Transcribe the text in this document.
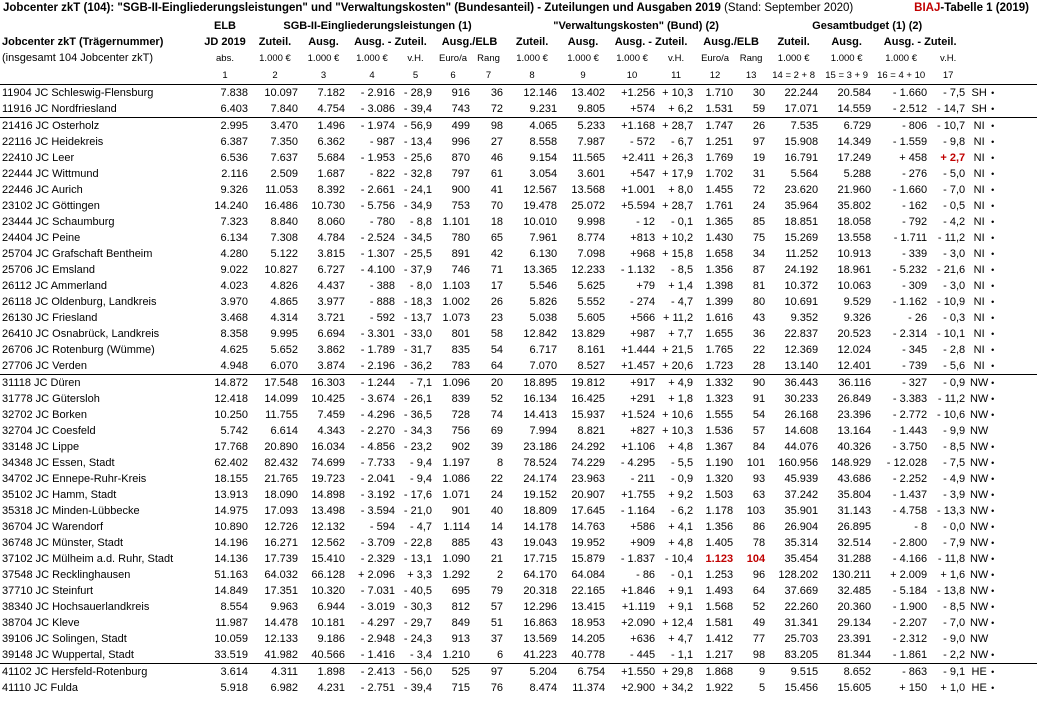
Jobcenter zkT (104): "SGB-II-Eingliederungsleistungen" und "Verwaltungskosten" (Bundesanteil) - Zuteilungen und Ausgaben 2019 (Stand: September 2020)	BIAJ-Tabelle 1 (2019)
	ELB	SGB-II-Eingliederungsleistungen (1)						"Verwaltungskosten" (Bund) (2)						Gesamtbudget (1) (2)					
Jobcenter zkT (Trägernummer)	JD 2019	Zuteil.	Ausg.	Ausg. - Zuteil.		Ausg./ELB		Zuteil.	Ausg.	Ausg. - Zuteil.		Ausg./ELB		Zuteil.	Ausg.	Ausg. - Zuteil.			
(insgesamt 104 Jobcenter zkT)	abs.	1.000 €	1.000 €	1.000 €	v.H.	Euro/a	Rang	1.000 €	1.000 €	1.000 €	v.H.	Euro/a	Rang	1.000 €	1.000 €	1.000 €	v.H.		
	1	2	3	4	5	6	7	8	9	10	11	12	13	14 = 2 + 8	15 = 3 + 9	16 = 4 + 10	17		
11904 JC Schleswig-Flensburg	7.838	10.097	7.182	- 2.916	- 28,9	916	36	12.146	13.402	+1.256	+ 10,3	1.710	30	22.244	20.584	- 1.660	- 7,5	SH	•
11916 JC Nordfriesland	6.403	7.840	4.754	- 3.086	- 39,4	743	72	9.231	9.805	+574	+ 6,2	1.531	59	17.071	14.559	- 2.512	- 14,7	SH	•
21416 JC Osterholz	2.995	3.470	1.496	- 1.974	- 56,9	499	98	4.065	5.233	+1.168	+ 28,7	1.747	26	7.535	6.729	- 806	- 10,7	NI	•
22116 JC Heidekreis	6.387	7.350	6.362	- 987	- 13,4	996	27	8.558	7.987	- 572	- 6,7	1.251	97	15.908	14.349	- 1.559	- 9,8	NI	•
22410 JC Leer	6.536	7.637	5.684	- 1.953	- 25,6	870	46	9.154	11.565	+2.411	+ 26,3	1.769	19	16.791	17.249	+ 458	+ 2,7	NI	•
22444 JC Wittmund	2.116	2.509	1.687	- 822	- 32,8	797	61	3.054	3.601	+547	+ 17,9	1.702	31	5.564	5.288	- 276	- 5,0	NI	•
22446 JC Aurich	9.326	11.053	8.392	- 2.661	- 24,1	900	41	12.567	13.568	+1.001	+ 8,0	1.455	72	23.620	21.960	- 1.660	- 7,0	NI	•
23102 JC Göttingen	14.240	16.486	10.730	- 5.756	- 34,9	753	70	19.478	25.072	+5.594	+ 28,7	1.761	24	35.964	35.802	- 162	- 0,5	NI	•
23444 JC Schaumburg	7.323	8.840	8.060	- 780	- 8,8	1.101	18	10.010	9.998	- 12	- 0,1	1.365	85	18.851	18.058	- 792	- 4,2	NI	•
24404 JC Peine	6.134	7.308	4.784	- 2.524	- 34,5	780	65	7.961	8.774	+813	+ 10,2	1.430	75	15.269	13.558	- 1.711	- 11,2	NI	•
25704 JC Grafschaft Bentheim	4.280	5.122	3.815	- 1.307	- 25,5	891	42	6.130	7.098	+968	+ 15,8	1.658	34	11.252	10.913	- 339	- 3,0	NI	•
25706 JC Emsland	9.022	10.827	6.727	- 4.100	- 37,9	746	71	13.365	12.233	- 1.132	- 8,5	1.356	87	24.192	18.961	- 5.232	- 21,6	NI	•
26112 JC Ammerland	4.023	4.826	4.437	- 388	- 8,0	1.103	17	5.546	5.625	+79	+ 1,4	1.398	81	10.372	10.063	- 309	- 3,0	NI	•
26118 JC Oldenburg, Landkreis	3.970	4.865	3.977	- 888	- 18,3	1.002	26	5.826	5.552	- 274	- 4,7	1.399	80	10.691	9.529	- 1.162	- 10,9	NI	•
26130 JC Friesland	3.468	4.314	3.721	- 592	- 13,7	1.073	23	5.038	5.605	+566	+ 11,2	1.616	43	9.352	9.326	- 26	- 0,3	NI	•
26410 JC Osnabrück, Landkreis	8.358	9.995	6.694	- 3.301	- 33,0	801	58	12.842	13.829	+987	+ 7,7	1.655	36	22.837	20.523	- 2.314	- 10,1	NI	•
26706 JC Rotenburg (Wümme)	4.625	5.652	3.862	- 1.789	- 31,7	835	54	6.717	8.161	+1.444	+ 21,5	1.765	22	12.369	12.024	- 345	- 2,8	NI	•
27706 JC Verden	4.948	6.070	3.874	- 2.196	- 36,2	783	64	7.070	8.527	+1.457	+ 20,6	1.723	28	13.140	12.401	- 739	- 5,6	NI	•
31118 JC Düren	14.872	17.548	16.303	- 1.244	- 7,1	1.096	20	18.895	19.812	+917	+ 4,9	1.332	90	36.443	36.116	- 327	- 0,9	NW	•
31778 JC Gütersloh	12.418	14.099	10.425	- 3.674	- 26,1	839	52	16.134	16.425	+291	+ 1,8	1.323	91	30.233	26.849	- 3.383	- 11,2	NW	•
32702 JC Borken	10.250	11.755	7.459	- 4.296	- 36,5	728	74	14.413	15.937	+1.524	+ 10,6	1.555	54	26.168	23.396	- 2.772	- 10,6	NW	•
32704 JC Coesfeld	5.742	6.614	4.343	- 2.270	- 34,3	756	69	7.994	8.821	+827	+ 10,3	1.536	57	14.608	13.164	- 1.443	- 9,9	NW	
33148 JC Lippe	17.768	20.890	16.034	- 4.856	- 23,2	902	39	23.186	24.292	+1.106	+ 4,8	1.367	84	44.076	40.326	- 3.750	- 8,5	NW	•
34348 JC Essen, Stadt	62.402	82.432	74.699	- 7.733	- 9,4	1.197	8	78.524	74.229	- 4.295	- 5,5	1.190	101	160.956	148.929	- 12.028	- 7,5	NW	•
34702 JC Ennepe-Ruhr-Kreis	18.155	21.765	19.723	- 2.041	- 9,4	1.086	22	24.174	23.963	- 211	- 0,9	1.320	93	45.939	43.686	- 2.252	- 4,9	NW	•
35102 JC Hamm, Stadt	13.913	18.090	14.898	- 3.192	- 17,6	1.071	24	19.152	20.907	+1.755	+ 9,2	1.503	63	37.242	35.804	- 1.437	- 3,9	NW	•
35318 JC Minden-Lübbecke	14.975	17.093	13.498	- 3.594	- 21,0	901	40	18.809	17.645	- 1.164	- 6,2	1.178	103	35.901	31.143	- 4.758	- 13,3	NW	•
36704 JC Warendorf	10.890	12.726	12.132	- 594	- 4,7	1.114	14	14.178	14.763	+586	+ 4,1	1.356	86	26.904	26.895	- 8	- 0,0	NW	•
36748 JC Münster, Stadt	14.196	16.271	12.562	- 3.709	- 22,8	885	43	19.043	19.952	+909	+ 4,8	1.405	78	35.314	32.514	- 2.800	- 7,9	NW	•
37102 JC Mülheim a.d. Ruhr, Stadt	14.136	17.739	15.410	- 2.329	- 13,1	1.090	21	17.715	15.879	- 1.837	- 10,4	1.123	104	35.454	31.288	- 4.166	- 11,8	NW	•
37548 JC Recklinghausen	51.163	64.032	66.128	+ 2.096	+ 3,3	1.292	2	64.170	64.084	- 86	- 0,1	1.253	96	128.202	130.211	+ 2.009	+ 1,6	NW	•
37710 JC Steinfurt	14.849	17.351	10.320	- 7.031	- 40,5	695	79	20.318	22.165	+1.846	+ 9,1	1.493	64	37.669	32.485	- 5.184	- 13,8	NW	•
38340 JC Hochsauerlandkreis	8.554	9.963	6.944	- 3.019	- 30,3	812	57	12.296	13.415	+1.119	+ 9,1	1.568	52	22.260	20.360	- 1.900	- 8,5	NW	•
38704 JC Kleve	11.987	14.478	10.181	- 4.297	- 29,7	849	51	16.863	18.953	+2.090	+ 12,4	1.581	49	31.341	29.134	- 2.207	- 7,0	NW	•
39106 JC Solingen, Stadt	10.059	12.133	9.186	- 2.948	- 24,3	913	37	13.569	14.205	+636	+ 4,7	1.412	77	25.703	23.391	- 2.312	- 9,0	NW	
39148 JC Wuppertal, Stadt	33.519	41.982	40.566	- 1.416	- 3,4	1.210	6	41.223	40.778	- 445	- 1,1	1.217	98	83.205	81.344	- 1.861	- 2,2	NW	•
41102 JC Hersfeld-Rotenburg	3.614	4.311	1.898	- 2.413	- 56,0	525	97	5.204	6.754	+1.550	+ 29,8	1.868	9	9.515	8.652	- 863	- 9,1	HE	•
41110 JC Fulda	5.918	6.982	4.231	- 2.751	- 39,4	715	76	8.474	11.374	+2.900	+ 34,2	1.922	5	15.456	15.605	+ 150	+ 1,0	HE	•
